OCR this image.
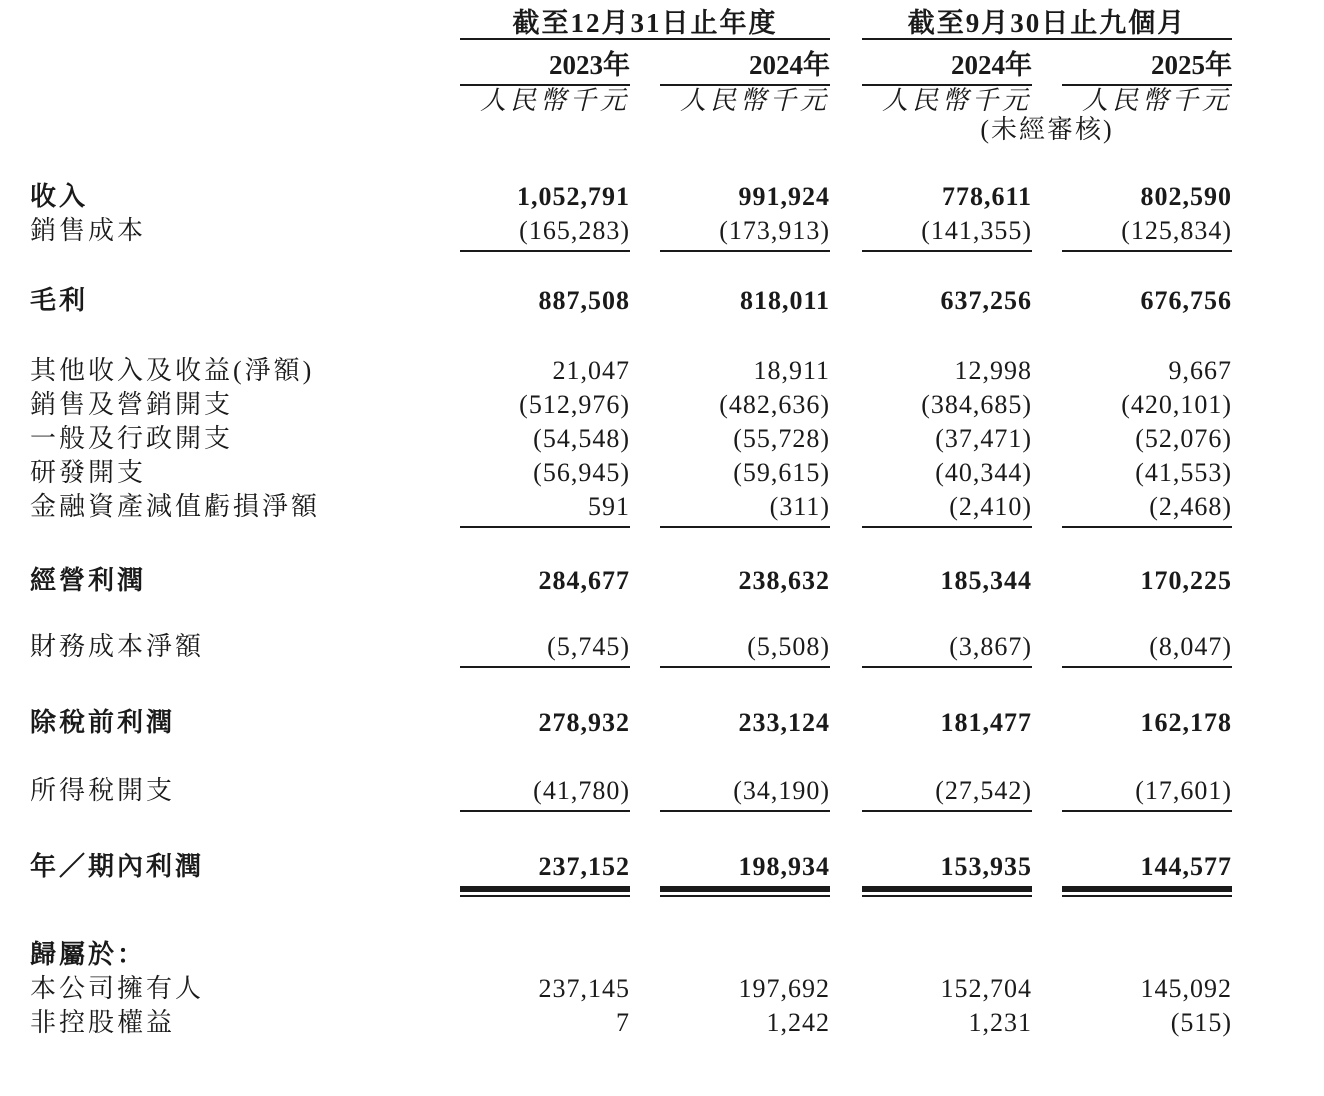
	截至12月31日止年度				截至9月30日止九個月		
	2023年		2024年		2024年		2025年
	人民幣千元		人民幣千元		人民幣千元		人民幣千元
					(未經審核)		

收入	1,052,791		991,924		778,611		802,590
銷售成本	(165,283)		(173,913)		(141,355)		(125,834)

毛利	887,508		818,011		637,256		676,756

其他收入及收益(淨額)	21,047		18,911		12,998		9,667
銷售及營銷開支	(512,976)		(482,636)		(384,685)		(420,101)
一般及行政開支	(54,548)		(55,728)		(37,471)		(52,076)
研發開支	(56,945)		(59,615)		(40,344)		(41,553)
金融資產減值虧損淨額	591		(311)		(2,410)		(2,468)

經營利潤	284,677		238,632		185,344		170,225

財務成本淨額	(5,745)		(5,508)		(3,867)		(8,047)

除稅前利潤	278,932		233,124		181,477		162,178

所得稅開支	(41,780)		(34,190)		(27,542)		(17,601)

年／期內利潤	237,152		198,934		153,935		144,577

歸屬於：							
本公司擁有人	237,145		197,692		152,704		145,092
非控股權益	7		1,242		1,231		(515)
